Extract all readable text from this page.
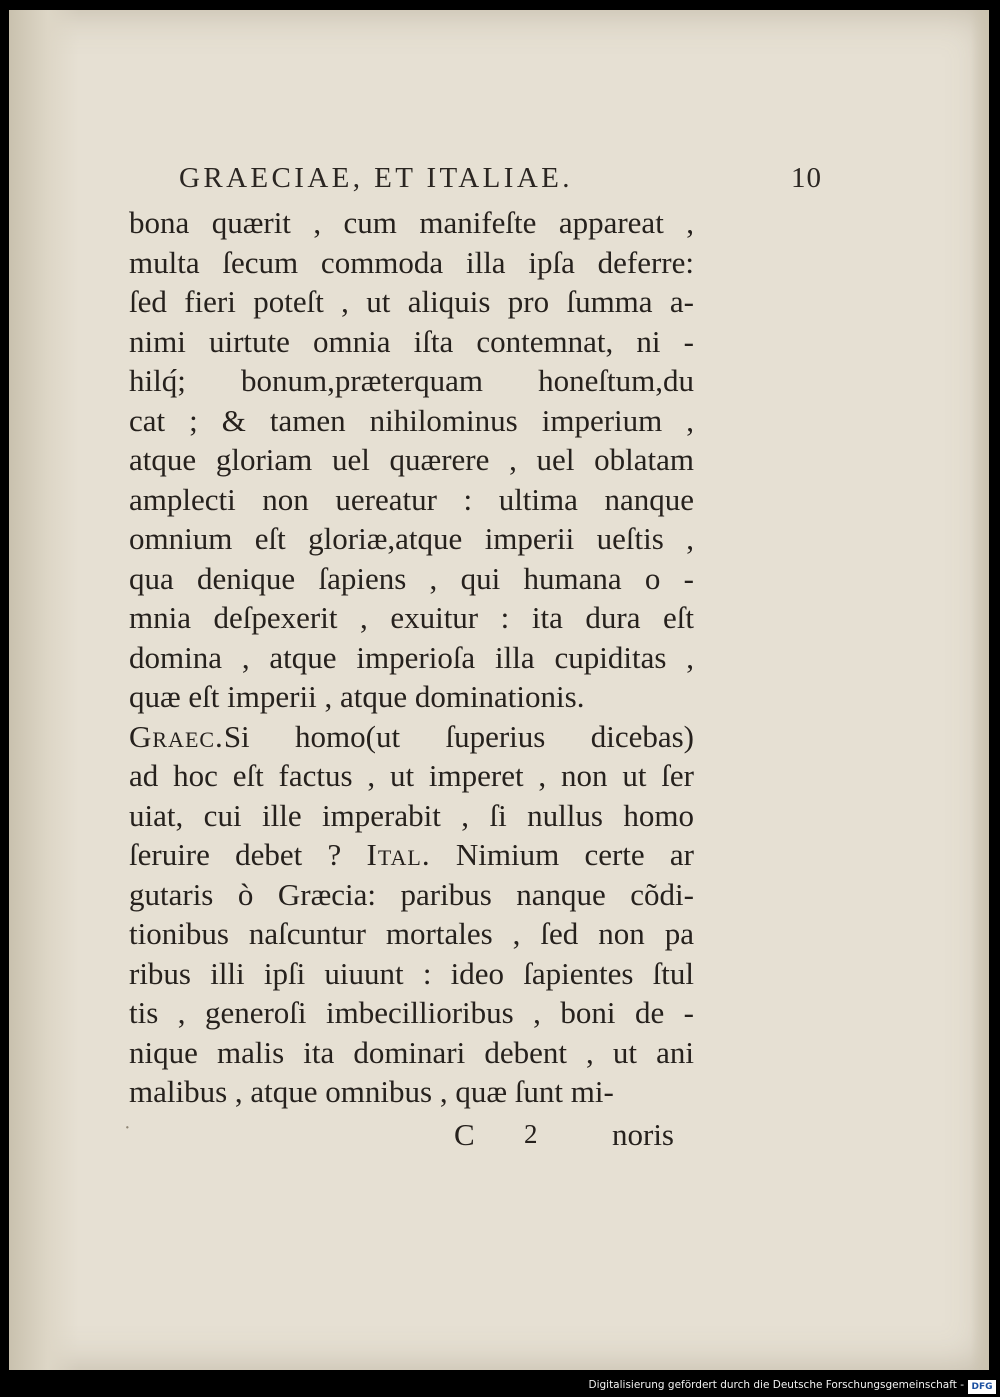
GRAECIAE, ET ITALIAE.	10
bona quærit , cum manifeſte appareat ,
multa ſecum commoda illa ipſa deferre:
ſed fieri poteſt , ut aliquis pro ſumma a-
nimi uirtute omnia iſta contemnat, ni -
hilq́; bonum,præterquam honeſtum,du
cat ; & tamen nihilominus imperium ,
atque gloriam uel quærere , uel oblatam
amplecti non uereatur : ultima nanque
omnium eſt gloriæ,atque imperii ueſtis ,
qua denique ſapiens , qui humana o -
mnia deſpexerit , exuitur : ita dura eſt
domina , atque imperioſa illa cupiditas ,
quæ eſt imperii , atque dominationis.
Graec.Si homo(ut ſuperius dicebas)
ad hoc eſt factus , ut imperet , non ut ſer
uiat, cui ille imperabit , ſi nullus homo
ſeruire debet ? Ital. Nimium certe ar
gutaris ò Græcia: paribus nanque cõdi-
tionibus naſcuntur mortales , ſed non pa
ribus illi ipſi uiuunt : ideo ſapientes ſtul
tis , generoſi imbecillioribus , boni de -
nique malis ita dominari debent , ut ani
malibus , atque omnibus , quæ ſunt mi-
·	C 2 noris
Digitalisierung gefördert durch die Deutsche Forschungsgemeinschaft - DFG
